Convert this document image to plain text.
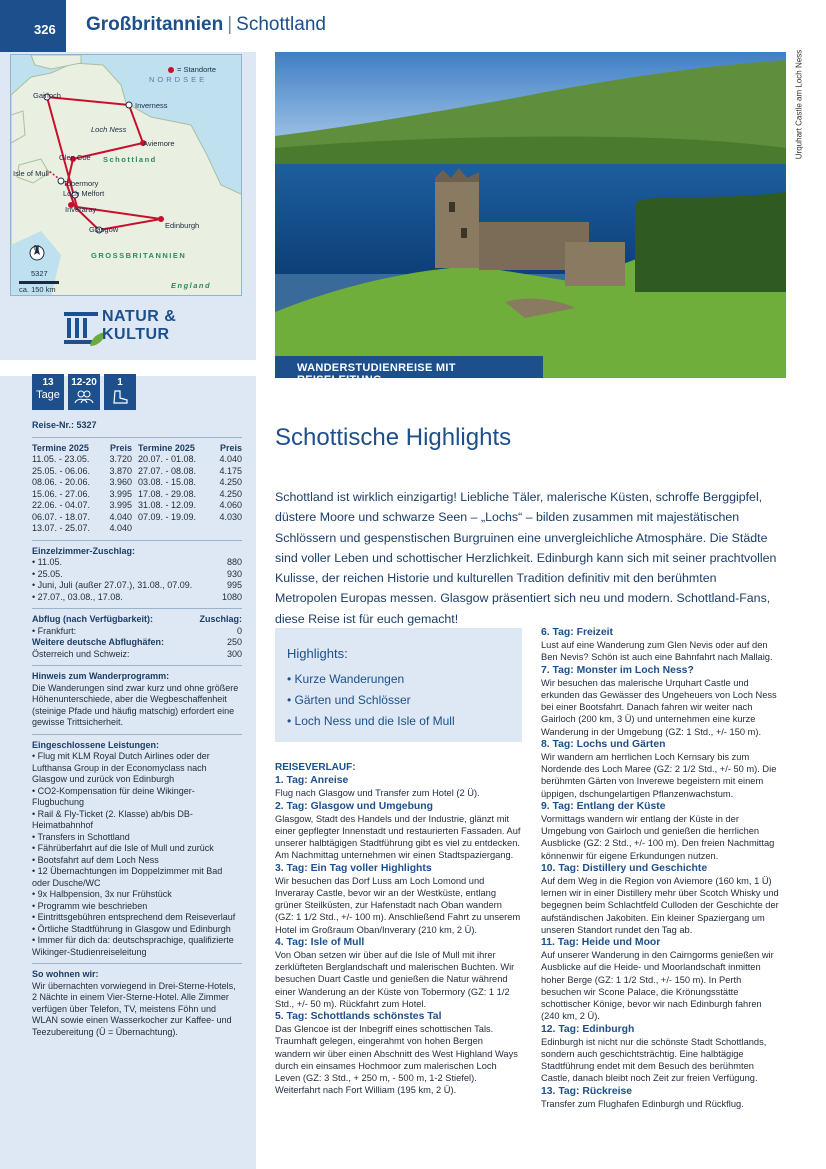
326	Großbritannien | Schottland
= Standorte
NORDSEE
Gairloch
Inverness
Loch Ness
Aviemore
Glen Coe
Isle of Mull
Tobermory
Loch Melfort
Inveraray
Glasgow	Edinburgh
Schottland
GROSSBRITANNIEN
England
N
5327
ca. 150 km
NATUR &
KULTUR
13
Tage
12-20	1
Reise-Nr.: 5327
Termine 2025	Preis Termine 2025	Preis
11.05. - 23.05.	3.720 20.07. - 01.08.	4.040
25.05. - 06.06.	3.870 27.07. - 08.08.	4.175
08.06. - 20.06.	3.960 03.08. - 15.08.	4.250
15.06. - 27.06.	3.995 17.08. - 29.08.	4.250
22.06. - 04.07.	3.995 31.08. - 12.09.	4.060
06.07. - 18.07.	4.040 07.09. - 19.09.	4.030
13.07. - 25.07.	4.040
Einzelzimmer-Zuschlag:
• 11.05.	880
• 25.05.	930
• Juni, Juli (außer 27.07.), 31.08., 07.09.	995
• 27.07., 03.08., 17.08.	1080
Abflug (nach Verfügbarkeit):	Zuschlag:
• Frankfurt:	0
Weitere deutsche Abflughäfen:	250
Österreich und Schweiz:	300
Hinweis zum Wanderprogramm:
Die Wanderungen sind zwar kurz und ohne größere Höhenunterschiede, aber die Wegbeschaffenheit (steinige Pfade und häufig matschig) erfordert eine gewisse Trittsicherheit.
Eingeschlossene Leistungen:
• Flug mit KLM Royal Dutch Airlines oder der Lufthansa Group in der Economyclass nach Glasgow und zurück von Edinburgh
• CO2-Kompensation für deine Wikinger-Flugbuchung
• Rail & Fly-Ticket (2. Klasse) ab/bis DB-Heimatbahnhof
• Transfers in Schottland
• Fährüberfahrt auf die Isle of Mull und zurück
• Bootsfahrt auf dem Loch Ness
• 12 Übernachtungen im Doppelzimmer mit Bad oder Dusche/WC
• 9x Halbpension, 3x nur Frühstück
• Programm wie beschrieben
• Eintrittsgebühren entsprechend dem Reiseverlauf
• Örtliche Stadtführung in Glasgow und Edinburgh
• Immer für dich da: deutschsprachige, qualifizierte Wikinger-Studienreiseleitung
So wohnen wir:
Wir übernachten vorwiegend in Drei-Sterne-Hotels, 2 Nächte in einem Vier-Sterne-Hotel. Alle Zimmer verfügen über Telefon, TV, meistens Föhn und WLAN sowie einen Wasserkocher zur Kaffee- und Teezubereitung (Ü = Übernachtung).
Urquhart Castle am Loch Ness
WANDERSTUDIENREISE MIT REISELEITUNG
Schottische Highlights
Schottland ist wirklich einzigartig! Liebliche Täler, malerische Küsten, schroffe Berggipfel, düstere Moore und schwarze Seen – „Lochs“ – bilden zusammen mit majestätischen Schlössern und gespenstischen Burgruinen eine unvergleichliche Atmosphäre. Die Städte sind voller Leben und schottischer Herzlichkeit. Edinburgh kann sich mit seiner prachtvollen Kulisse, der reichen Historie und kulturellen Tradition definitiv mit den berühmten Metropolen Europas messen. Glasgow präsentiert sich neu und modern. Schottland-Fans, diese Reise ist für euch gemacht!
Highlights:
• Kurze Wanderungen
• Gärten und Schlösser
• Loch Ness und die Isle of Mull
REISEVERLAUF:
1. Tag: Anreise

Flug nach Glasgow und Transfer zum Hotel (2 Ü).

2. Tag: Glasgow und Umgebung

Glasgow, Stadt des Handels und der Industrie, glänzt mit einer gepflegter Innenstadt und restaurierten Fassaden. Auf unserer halbtägigen Stadtführung gibt es viel zu entdecken. Am Nachmittag unternehmen wir einen Stadtspaziergang.

3. Tag: Ein Tag voller Highlights

Wir besuchen das Dorf Luss am Loch Lomond und Inveraray Castle, bevor wir an der Westküste, entlang grüner Steilküsten, zur Hafenstadt nach Oban wandern (GZ: 1 1/2 Std., +/- 100 m). Anschließend Fahrt zu unserem Hotel im Großraum Oban/Inverary (210 km, 2 Ü).

4. Tag: Isle of Mull

Von Oban setzen wir über auf die Isle of Mull mit ihrer zerklüfteten Berglandschaft und malerischen Buchten. Wir besuchen Duart Castle und genießen die Natur während einer Wanderung an der Küste von Tobermory (GZ: 1 1/2 Std., +/- 50 m). Rückfahrt zum Hotel.

5. Tag: Schottlands schönstes Tal

Das Glencoe ist der Inbegriff eines schottischen Tals. Traumhaft gelegen, eingerahmt von hohen Bergen wandern wir über einen Abschnitt des West Highland Ways durch ein einsames Hochmoor zum malerischen Loch Leven (GZ: 3 Std., + 250 m, - 500 m, 1-2 Stiefel). Weiterfahrt nach Fort William (195 km, 2 Ü).

6. Tag: Freizeit

Lust auf eine Wanderung zum Glen Nevis oder auf den Ben Nevis? Schön ist auch eine Bahnfahrt nach Mallaig.

7. Tag: Monster im Loch Ness?

Wir besuchen das malerische Urquhart Castle und erkunden das Gewässer des Ungeheuers von Loch Ness bei einer Bootsfahrt. Danach fahren wir weiter nach Gairloch (200 km, 3 Ü) und unternehmen eine kurze Wanderung in der Umgebung (GZ: 1 Std., +/- 150 m).

8. Tag: Lochs und Gärten

Wir wandern am herrlichen Loch Kernsary bis zum Nordende des Loch Maree (GZ: 2 1/2 Std., +/- 50 m). Die berühmten Gärten von Inverewe begeistern mit einem üppigen, dschungelartigen Pflanzenwachstum.

9. Tag: Entlang der Küste

Vormittags wandern wir entlang der Küste in der Umgebung von Gairloch und genießen die herrlichen Ausblicke (GZ: 2 Std., +/- 100 m). Den freien Nachmittag könnenwir für eigene Erkundungen nutzen.

10. Tag: Distillery und Geschichte

Auf dem Weg in die Region von Aviemore (160 km, 1 Ü) lernen wir in einer Distillery mehr über Scotch Whisky und begegnen beim Schlachtfeld Culloden der Geschichte der aufständischen Jakobiten. Ein kleiner Spaziergang um unseren Standort rundet den Tag ab.

11. Tag: Heide und Moor

Auf unserer Wanderung in den Cairngorms genießen wir Ausblicke auf die Heide- und Moorlandschaft inmitten hoher Berge (GZ: 1 1/2 Std., +/- 150 m). In Perth besuchen wir Scone Palace, die Krönungsstätte schottischer Könige, bevor wir nach Edinburgh fahren (240 km, 2 Ü).

12. Tag: Edinburgh

Edinburgh ist nicht nur die schönste Stadt Schottlands, sondern auch geschichtsträchtig. Eine halbtägige Stadtführung endet mit dem Besuch des berühmten Castle, danach bleibt noch Zeit zur freien Verfügung.

13. Tag: Rückreise

Transfer zum Flughafen Edinburgh und Rückflug.
